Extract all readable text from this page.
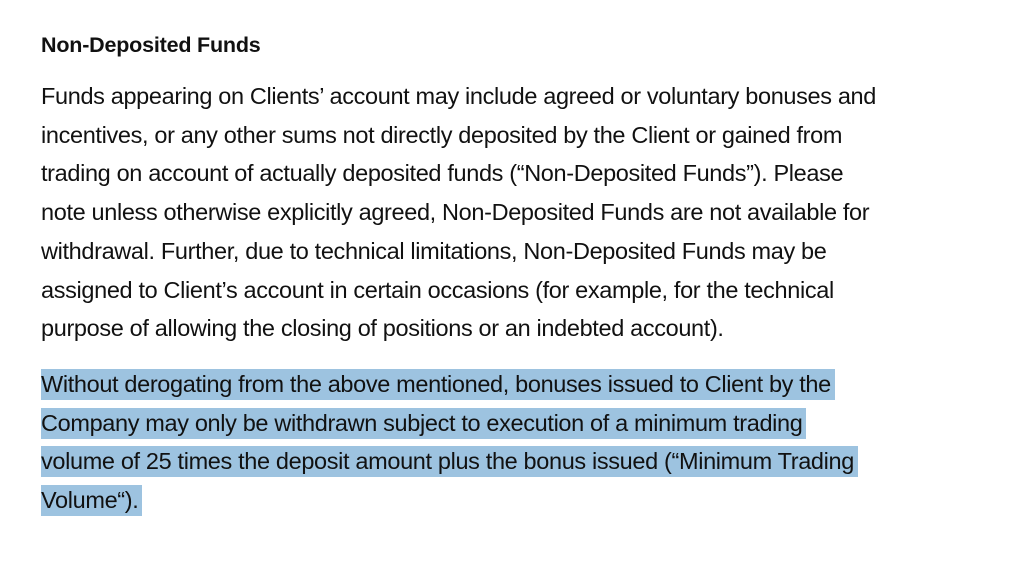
Non-Deposited Funds

Funds appearing on Clients’ account may include agreed or voluntary bonuses and
incentives, or any other sums not directly deposited by the Client or gained from
trading on account of actually deposited funds (“Non-Deposited Funds”). Please
note unless otherwise explicitly agreed, Non-Deposited Funds are not available for
withdrawal. Further, due to technical limitations, Non-Deposited Funds may be
assigned to Client’s account in certain occasions (for example, for the technical
purpose of allowing the closing of positions or an indebted account).

Without derogating from the above mentioned, bonuses issued to Client by the
Company may only be withdrawn subject to execution of a minimum trading
volume of 25 times the deposit amount plus the bonus issued (“Minimum Trading
Volume“).
